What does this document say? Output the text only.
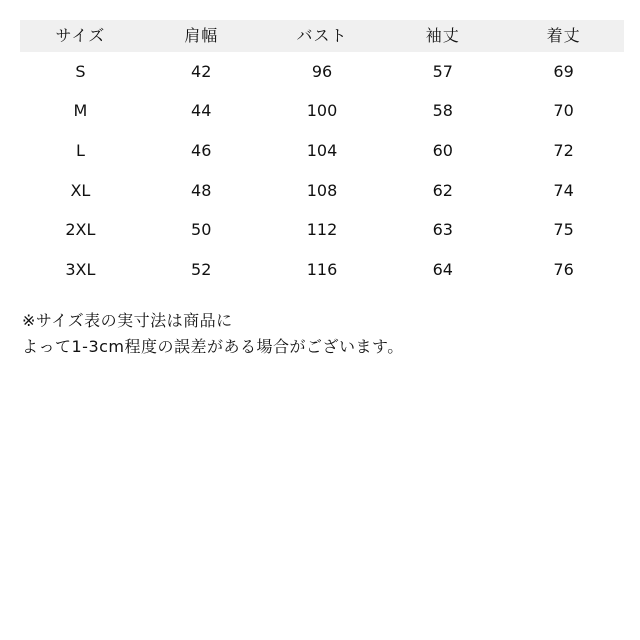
サイズ	肩幅	バスト	袖丈	着丈
S	42	96	57	69
M	44	100	58	70
L	46	104	60	72
XL	48	108	62	74
2XL	50	112	63	75
3XL	52	116	64	76
※サイズ表の実寸法は商品に
よって1-3cm程度の誤差がある場合がございます。
